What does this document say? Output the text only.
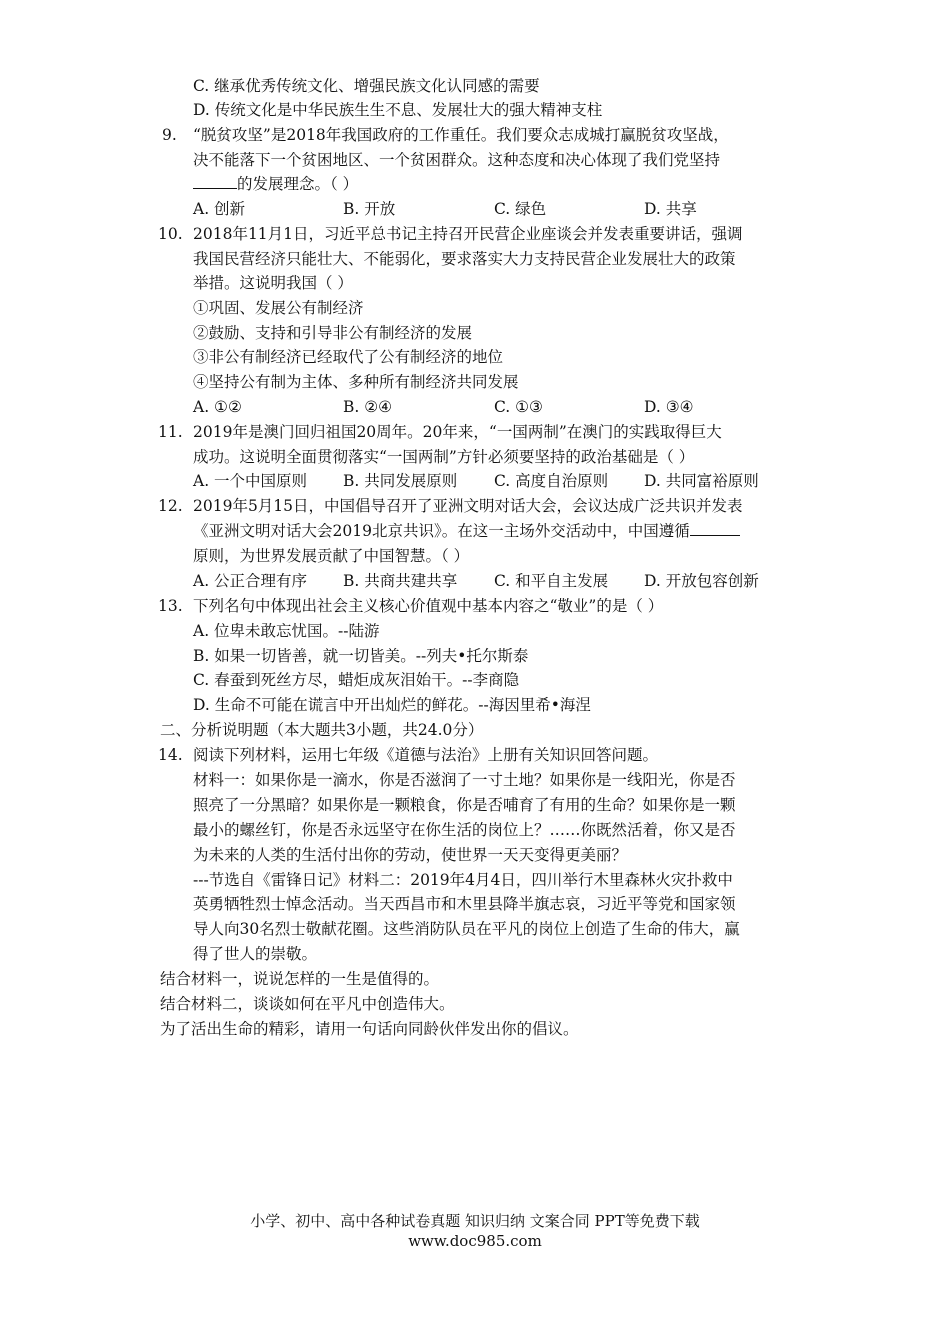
C. 继承优秀传统文化、增强民族文化认同感的需要
D. 传统文化是中华民族生生不息、发展壮大的强大精神支柱
9. “脱贫攻坚”是2018年我国政府的工作重任。我们要众志成城打赢脱贫攻坚战，
决不能落下一个贫困地区、一个贫困群众。这种态度和决心体现了我们党坚持
的发展理念。（ ）
A. 创新	B. 开放	C. 绿色	D. 共享
10. 2018年11月1日，习近平总书记主持召开民营企业座谈会并发表重要讲话，强调
我国民营经济只能壮大、不能弱化，要求落实大力支持民营企业发展壮大的政策
举措。这说明我国（ ）
①巩固、发展公有制经济
②鼓励、支持和引导非公有制经济的发展
③非公有制经济已经取代了公有制经济的地位
④坚持公有制为主体、多种所有制经济共同发展
A. ①②	B. ②④	C. ①③	D. ③④
11. 2019年是澳门回归祖国20周年。20年来，“一国两制”在澳门的实践取得巨大
成功。这说明全面贯彻落实“一国两制”方针必须要坚持的政治基础是（ ）
A. 一个中国原则 B. 共同发展原则 C. 高度自治原则 D. 共同富裕原则
12. 2019年5月15日，中国倡导召开了亚洲文明对话大会，会议达成广泛共识并发表
《亚洲文明对话大会2019北京共识》。在这一主场外交活动中，中国遵循
原则，为世界发展贡献了中国智慧。（ ）
A. 公正合理有序 B. 共商共建共享 C. 和平自主发展 D. 开放包容创新
13. 下列名句中体现出社会主义核心价值观中基本内容之“敬业”的是（ ）
A. 位卑未敢忘忧国。--陆游
B. 如果一切皆善，就一切皆美。--列夫•托尔斯泰
C. 春蚕到死丝方尽，蜡炬成灰泪始干。--李商隐
D. 生命不可能在谎言中开出灿烂的鲜花。--海因里希•海涅
二、分析说明题（本大题共3小题，共24.0分）
14. 阅读下列材料，运用七年级《道德与法治》上册有关知识回答问题。
材料一：如果你是一滴水，你是否滋润了一寸土地？如果你是一线阳光，你是否
照亮了一分黑暗？如果你是一颗粮食，你是否哺育了有用的生命？如果你是一颗
最小的螺丝钉，你是否永远坚守在你生活的岗位上？……你既然活着，你又是否
为未来的人类的生活付出你的劳动，使世界一天天变得更美丽？
---节选自《雷锋日记》材料二：2019年4月4日，四川举行木里森林火灾扑救中
英勇牺牲烈士悼念活动。当天西昌市和木里县降半旗志哀，习近平等党和国家领
导人向30名烈士敬献花圈。这些消防队员在平凡的岗位上创造了生命的伟大，赢
得了世人的崇敬。
结合材料一，说说怎样的一生是值得的。
结合材料二，谈谈如何在平凡中创造伟大。
为了活出生命的精彩，请用一句话向同龄伙伴发出你的倡议。
小学、初中、高中各种试卷真题 知识归纳 文案合同 PPT等免费下载
www.doc985.com
